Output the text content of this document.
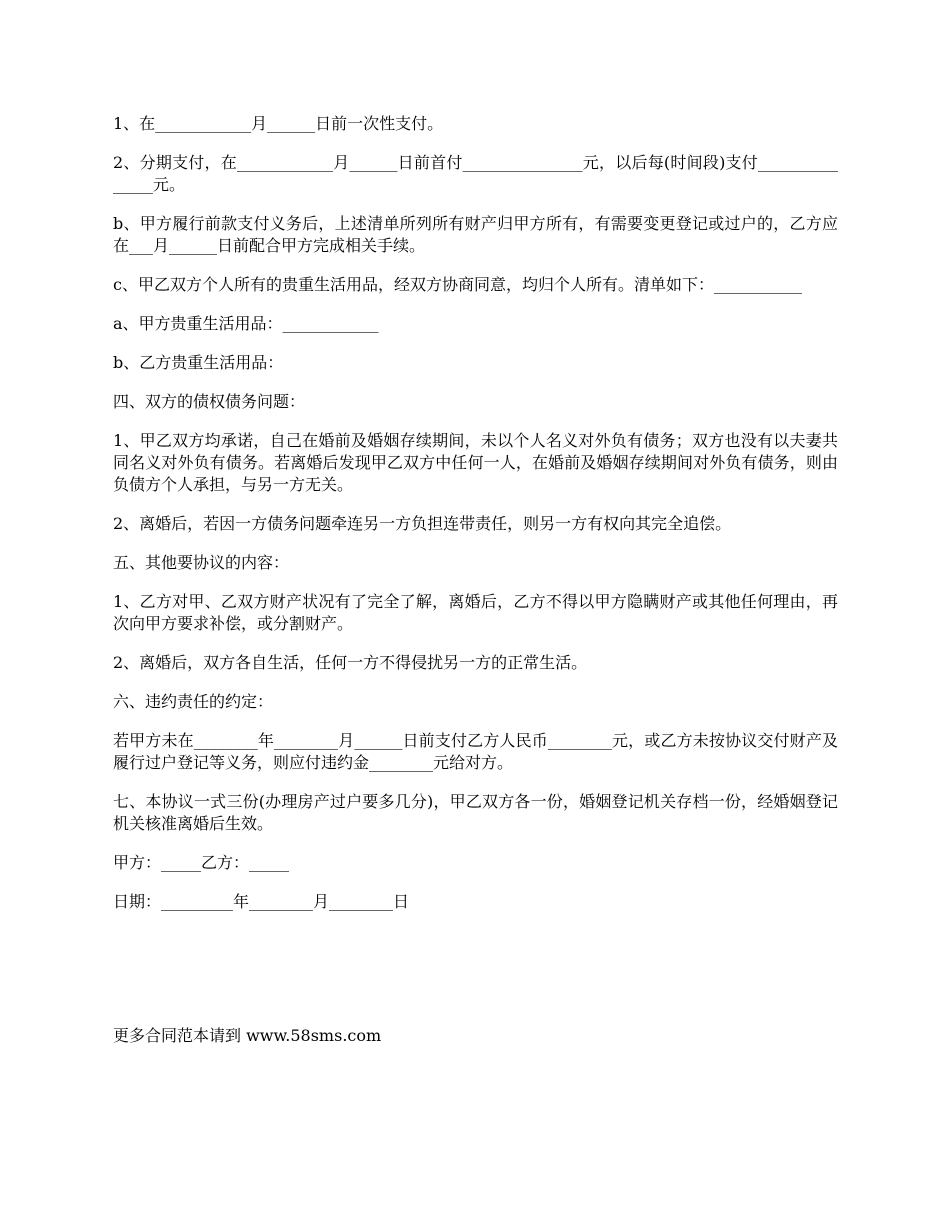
1、在____________月______日前一次性支付。

2、分期支付，在____________月______日前首付_______________元，以后每(时间段)支付_______________元。

b、甲方履行前款支付义务后，上述清单所列所有财产归甲方所有，有需要变更登记或过户的，乙方应在___月______日前配合甲方完成相关手续。

c、甲乙双方个人所有的贵重生活用品，经双方协商同意，均归个人所有。清单如下：___________

a、甲方贵重生活用品：____________

b、乙方贵重生活用品：

四、双方的债权债务问题：

1、甲乙双方均承诺，自己在婚前及婚姻存续期间，未以个人名义对外负有债务；双方也没有以夫妻共同名义对外负有债务。若离婚后发现甲乙双方中任何一人，在婚前及婚姻存续期间对外负有债务，则由负债方个人承担，与另一方无关。

2、离婚后，若因一方债务问题牵连另一方负担连带责任，则另一方有权向其完全追偿。

五、其他要协议的内容：

1、乙方对甲、乙双方财产状况有了完全了解，离婚后，乙方不得以甲方隐瞒财产或其他任何理由，再次向甲方要求补偿，或分割财产。

2、离婚后，双方各自生活，任何一方不得侵扰另一方的正常生活。

六、违约责任的约定：

若甲方未在________年________月______日前支付乙方人民币________元，或乙方未按协议交付财产及履行过户登记等义务，则应付违约金________元给对方。

七、本协议一式三份(办理房产过户要多几分)，甲乙双方各一份，婚姻登记机关存档一份，经婚姻登记机关核准离婚后生效。

甲方：_____乙方：_____

日期：_________年________月________日

更多合同范本请到 www.58sms.com
